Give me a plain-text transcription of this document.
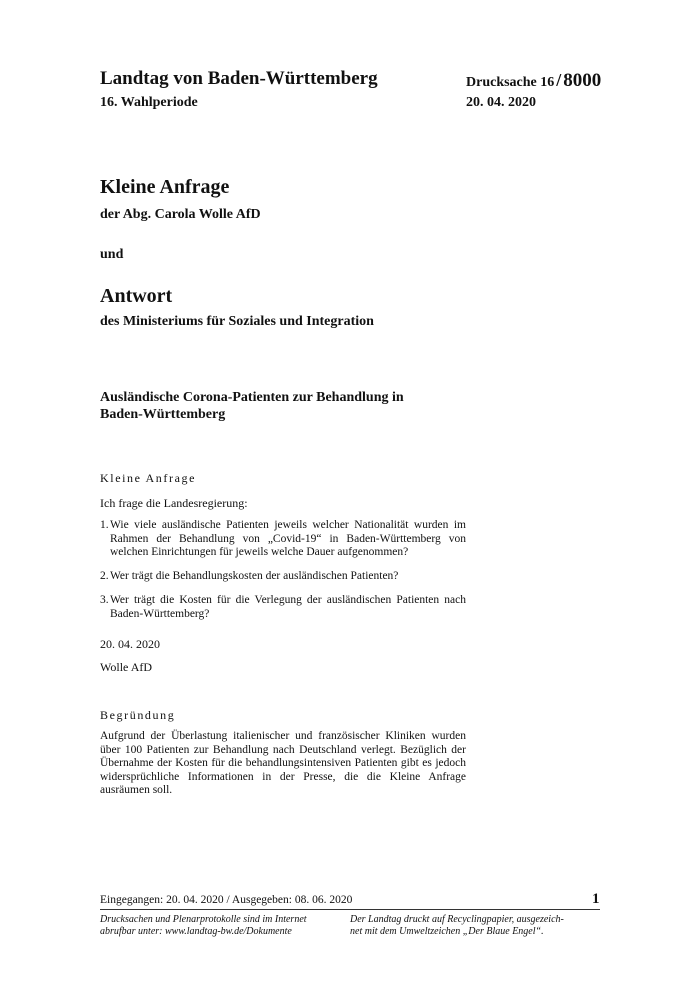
Landtag von Baden-Württemberg
16. Wahlperiode
Drucksache 16 / 8000
20. 04. 2020
Kleine Anfrage
der Abg. Carola Wolle AfD
und
Antwort
des Ministeriums für Soziales und Integration
Ausländische Corona-Patienten zur Behandlung in
Baden-Württemberg
Kleine Anfrage
Ich frage die Landesregierung:
1. Wie viele ausländische Patienten jeweils welcher Nationalität wurden im Rahmen der Behandlung von „Covid-19“ in Baden-Württemberg von welchen Einrichtungen für jeweils welche Dauer aufgenommen?
2. Wer trägt die Behandlungskosten der ausländischen Patienten?
3. Wer trägt die Kosten für die Verlegung der ausländischen Patienten nach Baden-Württemberg?
20. 04. 2020
Wolle AfD
Begründung
Aufgrund der Überlastung italienischer und französischer Kliniken wurden über 100 Patienten zur Behandlung nach Deutschland verlegt. Bezüglich der Übernahme der Kosten für die behandlungsintensiven Patienten gibt es jedoch widersprüchliche Informationen in der Presse, die die Kleine Anfrage ausräumen soll.
Eingegangen: 20. 04. 2020 / Ausgegeben: 08. 06. 2020	1
Drucksachen und Plenarprotokolle sind im Internet
abrufbar unter: www.landtag-bw.de/Dokumente
Der Landtag druckt auf Recyclingpapier, ausgezeich-
net mit dem Umweltzeichen „Der Blaue Engel“.
